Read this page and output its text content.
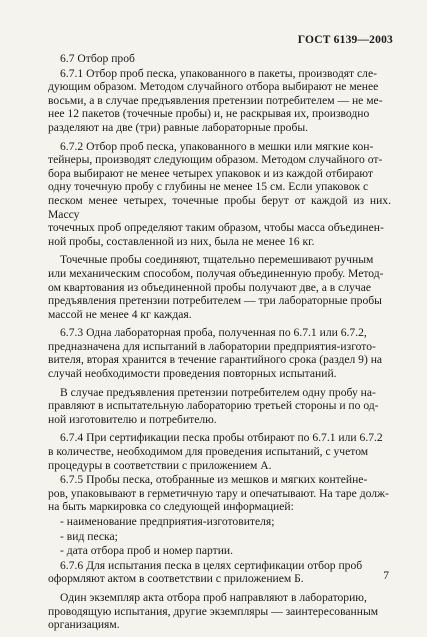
ГОСТ 6139—2003

6.7 Отбор проб

6.7.1 Отбор проб песка, упакованного в пакеты, производят сле-
дующим образом. Методом случайного отбора выбирают не менее
восьми, а в случае предъявления претензии потребителем — не ме-
нее 12 пакетов (точечные пробы) и, не раскрывая их, производно
разделяют на две (три) равные лабораторные пробы.

6.7.2 Отбор проб песка, упакованного в мешки или мягкие кон-
тейнеры, производят следующим образом. Методом случайного от-
бора выбирают не менее четырех упаковок и из каждой отбирают
одну точечную пробу с глубины не менее 15 см. Если упаковок с
песком менее четырех, точечные пробы берут от каждой из них. Массу
точечных проб определяют таким образом, чтобы масса объединен-
ной пробы, составленной из них, была не менее 16 кг.

Точечные пробы соединяют, тщательно перемешивают ручным
или механическим способом, получая объединенную пробу. Метод-
ом квартования из объединенной пробы получают две, а в случае
предъявления претензии потребителем — три лабораторные пробы
массой не менее 4 кг каждая.

6.7.3 Одна лабораторная проба, полученная по 6.7.1 или 6.7.2,
предназначена для испытаний в лаборатории предприятия-изгото-
вителя, вторая хранится в течение гарантийного срока (раздел 9) на
случай необходимости проведения повторных испытаний.

В случае предъявления претензии потребителем одну пробу на-
правляют в испытательную лабораторию третьей стороны и по од-
ной изготовителю и потребителю.

6.7.4 При сертификации песка пробы отбирают по 6.7.1 или 6.7.2
в количестве, необходимом для проведения испытаний, с учетом
процедуры в соответствии с приложением А.

6.7.5 Пробы песка, отобранные из мешков и мягких контейне-
ров, упаковывают в герметичную тару и опечатывают. На таре долж-
на быть маркировка со следующей информацией:

- наименование предприятия-изготовителя;

- вид песка;

- дата отбора проб и номер партии.

6.7.6 Для испытания песка в целях сертификации отбор проб
оформляют актом в соответствии с приложением Б.

Один экземпляр акта отбора проб направляют в лабораторию,
проводящую испытания, другие экземпляры — заинтересованным
организациям.

7
